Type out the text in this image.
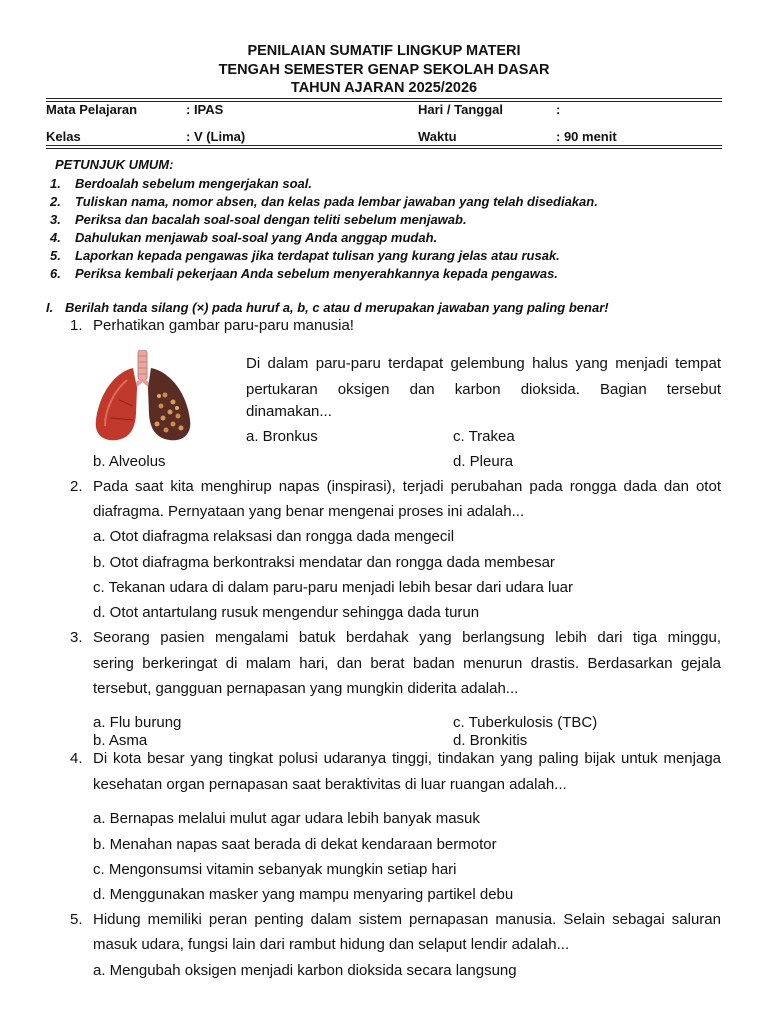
PENILAIAN SUMATIF LINGKUP MATERI
TENGAH SEMESTER GENAP SEKOLAH DASAR
TAHUN AJARAN 2025/2026
Mata Pelajaran	: IPAS	Hari / Tanggal	:
Kelas	: V (Lima)	Waktu	: 90 menit
PETUNJUK UMUM:
1. Berdoalah sebelum mengerjakan soal.
2. Tuliskan nama, nomor absen, dan kelas pada lembar jawaban yang telah disediakan.
3. Periksa dan bacalah soal-soal dengan teliti sebelum menjawab.
4. Dahulukan menjawab soal-soal yang Anda anggap mudah.
5. Laporkan kepada pengawas jika terdapat tulisan yang kurang jelas atau rusak.
6. Periksa kembali pekerjaan Anda sebelum menyerahkannya kepada pengawas.
I. Berilah tanda silang (×) pada huruf a, b, c atau d merupakan jawaban yang paling benar!
1. Perhatikan gambar paru-paru manusia!
Di dalam paru-paru terdapat gelembung halus yang menjadi tempat
pertukaran oksigen dan karbon dioksida. Bagian tersebut
dinamakan...
a. Bronkus	c. Trakea
b. Alveolus	d. Pleura
2. Pada saat kita menghirup napas (inspirasi), terjadi perubahan pada rongga dada dan otot
diafragma. Pernyataan yang benar mengenai proses ini adalah...
a. Otot diafragma relaksasi dan rongga dada mengecil
b. Otot diafragma berkontraksi mendatar dan rongga dada membesar
c. Tekanan udara di dalam paru-paru menjadi lebih besar dari udara luar
d. Otot antartulang rusuk mengendur sehingga dada turun
3. Seorang pasien mengalami batuk berdahak yang berlangsung lebih dari tiga minggu,
sering berkeringat di malam hari, dan berat badan menurun drastis. Berdasarkan gejala
tersebut, gangguan pernapasan yang mungkin diderita adalah...
a. Flu burung	c. Tuberkulosis (TBC)
b. Asma	d. Bronkitis
4. Di kota besar yang tingkat polusi udaranya tinggi, tindakan yang paling bijak untuk menjaga
kesehatan organ pernapasan saat beraktivitas di luar ruangan adalah...
a. Bernapas melalui mulut agar udara lebih banyak masuk
b. Menahan napas saat berada di dekat kendaraan bermotor
c. Mengonsumsi vitamin sebanyak mungkin setiap hari
d. Menggunakan masker yang mampu menyaring partikel debu
5. Hidung memiliki peran penting dalam sistem pernapasan manusia. Selain sebagai saluran
masuk udara, fungsi lain dari rambut hidung dan selaput lendir adalah...
a. Mengubah oksigen menjadi karbon dioksida secara langsung
